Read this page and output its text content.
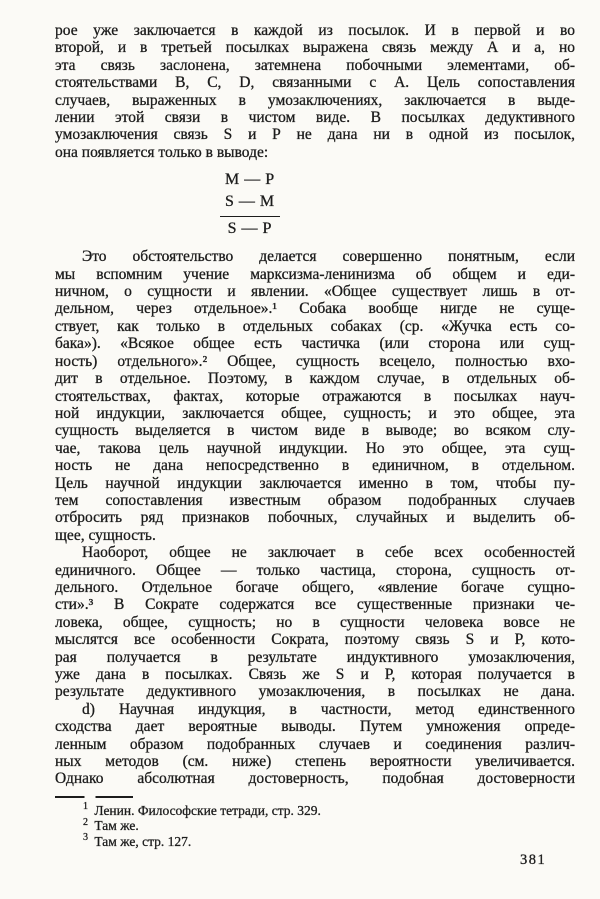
рое уже заключается в каждой из посылок. И в первой и во
второй, и в третьей посылках выражена связь между А и а, но
эта связь заслонена, затемнена побочными элементами, об-
стоятельствами В, С, D, связанными с А. Цель сопоставления
случаев, выраженных в умозаключениях, заключается в выде-
лении этой связи в чистом виде. В посылках дедуктивного
умозаключения связь S и Р не дана ни в одной из посылок,
она появляется только в выводе:
M — P
S — M
S — P
Это обстоятельство делается совершенно понятным, если
мы вспомним учение марксизма-ленинизма об общем и еди-
ничном, о сущности и явлении. «Общее существует лишь в от-
дельном, через отдельное».¹ Собака вообще нигде не суще-
ствует, как только в отдельных собаках (ср. «Жучка есть со-
бака»). «Всякое общее есть частичка (или сторона или сущ-
ность) отдельного».² Общее, сущность всецело, полностью вхо-
дит в отдельное. Поэтому, в каждом случае, в отдельных об-
стоятельствах, фактах, которые отражаются в посылках науч-
ной индукции, заключается общее, сущность; и это общее, эта
сущность выделяется в чистом виде в выводе; во всяком слу-
чае, такова цель научной индукции. Но это общее, эта сущ-
ность не дана непосредственно в единичном, в отдельном.
Цель научной индукции заключается именно в том, чтобы пу-
тем сопоставления известным образом подобранных случаев
отбросить ряд признаков побочных, случайных и выделить об-
щее, сущность.
Наоборот, общее не заключает в себе всех особенностей
единичного. Общее — только частица, сторона, сущность от-
дельного. Отдельное богаче общего, «явление богаче сущно-
сти».³ В Сократе содержатся все существенные признаки че-
ловека, общее, сущность; но в сущности человека вовсе не
мыслятся все особенности Сократа, поэтому связь S и Р, кото-
рая получается в результате индуктивного умозаключения,
уже дана в посылках. Связь же S и Р, которая получается в
результате дедуктивного умозаключения, в посылках не дана.
d) Научная индукция, в частности, метод единственного
сходства дает вероятные выводы. Путем умножения опреде-
ленным образом подобранных случаев и соединения различ-
ных методов (см. ниже) степень вероятности увеличивается.
Однако абсолютная достоверность, подобная достоверности
$^1$ Ленин. Философские тетради, стр. 329.
$^2$ Там же.
$^3$ Там же, стр. 127.
381
